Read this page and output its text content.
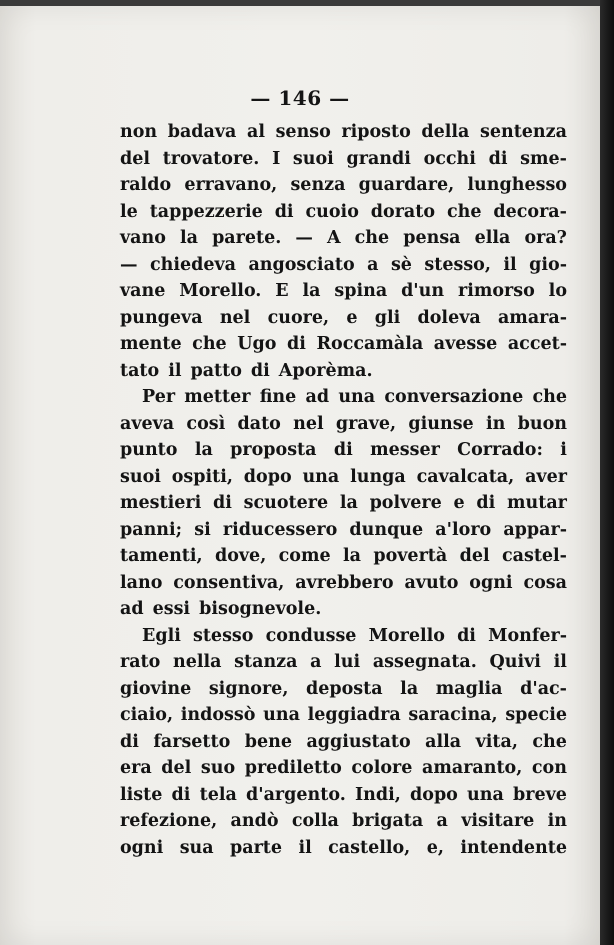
— 146 —
non badava al senso riposto della sentenza
del trovatore. I suoi grandi occhi di sme-
raldo erravano, senza guardare, lunghesso
le tappezzerie di cuoio dorato che decora-
vano la parete. — A che pensa ella ora?
— chiedeva angosciato a sè stesso, il gio-
vane Morello. E la spina d'un rimorso lo
pungeva nel cuore, e gli doleva amara-
mente che Ugo di Roccamàla avesse accet-
tato il patto di Aporèma.
Per metter fine ad una conversazione che
aveva così dato nel grave, giunse in buon
punto la proposta di messer Corrado: i
suoi ospiti, dopo una lunga cavalcata, aver
mestieri di scuotere la polvere e di mutar
panni; si riducessero dunque a'loro appar-
tamenti, dove, come la povertà del castel-
lano consentiva, avrebbero avuto ogni cosa
ad essi bisognevole.
Egli stesso condusse Morello di Monfer-
rato nella stanza a lui assegnata. Quivi il
giovine signore, deposta la maglia d'ac-
ciaio, indossò una leggiadra saracina, specie
di farsetto bene aggiustato alla vita, che
era del suo prediletto colore amaranto, con
liste di tela d'argento. Indi, dopo una breve
refezione, andò colla brigata a visitare in
ogni sua parte il castello, e, intendente
